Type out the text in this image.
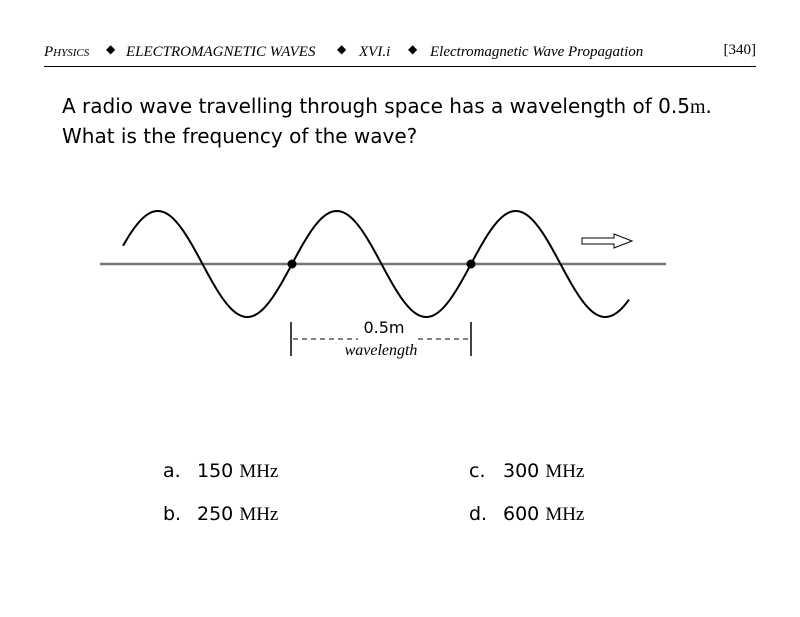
Physics ◆ ELECTROMAGNETIC WAVES ◆ XVI.i ◆ Electromagnetic Wave Propagation	[340]
A radio wave travelling through space has a wavelength of 0.5m. What is the frequency of the wave?
0.5m
wavelength
a. 150 MHz
b. 250 MHz
c. 300 MHz
d. 600 MHz
